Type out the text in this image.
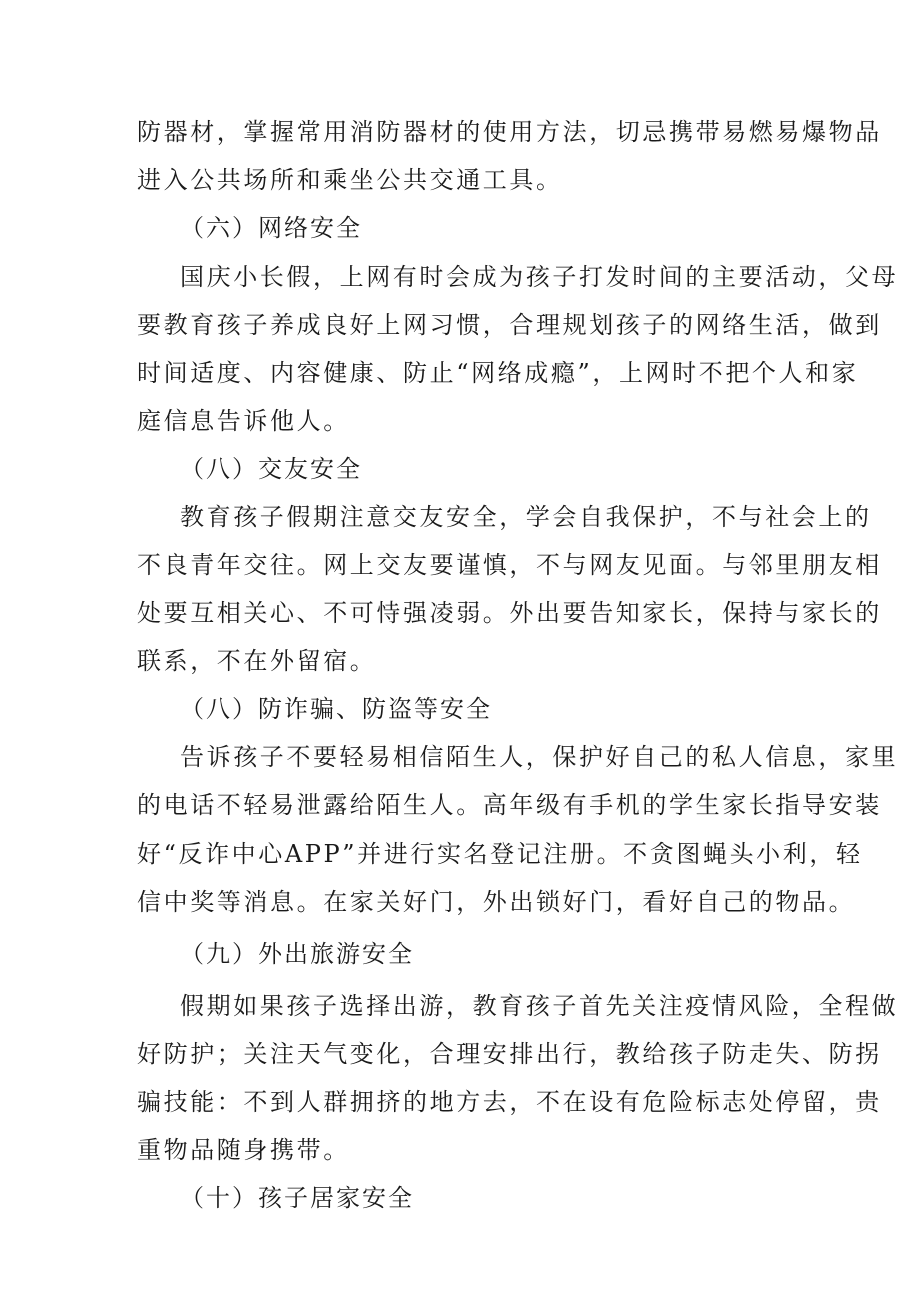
防器材，掌握常用消防器材的使用方法，切忌携带易燃易爆物品
进入公共场所和乘坐公共交通工具。
（六）网络安全
国庆小长假，上网有时会成为孩子打发时间的主要活动，父母
要教育孩子养成良好上网习惯，合理规划孩子的网络生活，做到
时间适度、内容健康、防止“网络成瘾”，上网时不把个人和家
庭信息告诉他人。
（八）交友安全
教育孩子假期注意交友安全，学会自我保护，不与社会上的
不良青年交往。网上交友要谨慎，不与网友见面。与邻里朋友相
处要互相关心、不可恃强凌弱。外出要告知家长，保持与家长的
联系，不在外留宿。
（八）防诈骗、防盗等安全
告诉孩子不要轻易相信陌生人，保护好自己的私人信息，家里
的电话不轻易泄露给陌生人。高年级有手机的学生家长指导安装
好“反诈中心APP”并进行实名登记注册。不贪图蝇头小利，轻
信中奖等消息。在家关好门，外出锁好门，看好自己的物品。
（九）外出旅游安全
假期如果孩子选择出游，教育孩子首先关注疫情风险，全程做
好防护；关注天气变化，合理安排出行，教给孩子防走失、防拐
骗技能：不到人群拥挤的地方去，不在设有危险标志处停留，贵
重物品随身携带。
（十）孩子居家安全
